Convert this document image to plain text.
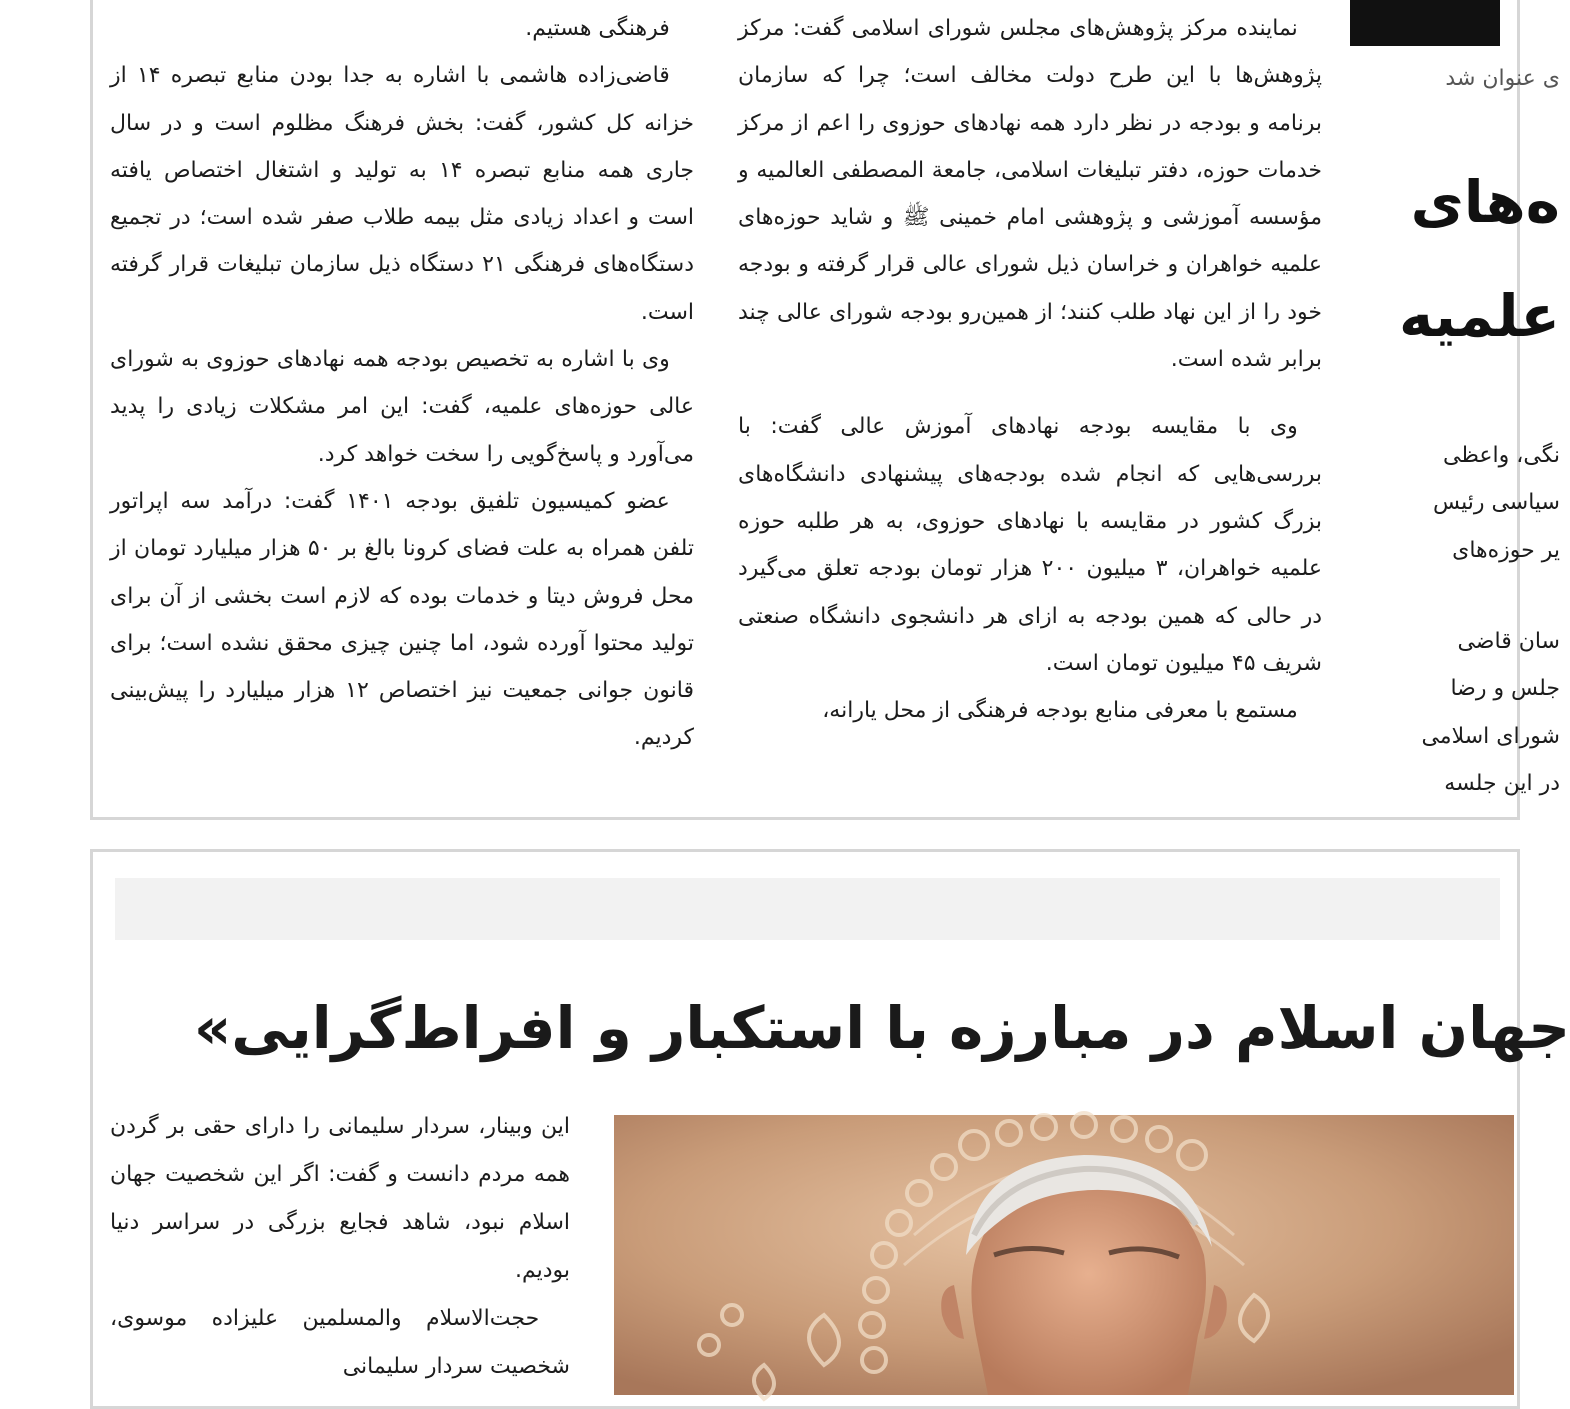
نماینده مرکز پژوهش‌های مجلس شورای اسلامی گفت: مرکز پژوهش‌ها با این طرح دولت مخالف است؛ چرا که سازمان برنامه و بودجه در نظر دارد همه نهادهای حوزوی را اعم از مرکز خدمات حوزه، دفتر تبلیغات اسلامی، جامعة المصطفی العالمیه و مؤسسه آموزشی و پژوهشی امام خمینی ﷺ و شاید حوزه‌های علمیه خواهران و خراسان ذیل شورای عالی قرار گرفته و بودجه خود را از این نهاد طلب کنند؛ از همین‌رو بودجه شورای عالی چند برابر شده است.

وی با مقایسه بودجه نهادهای آموزش عالی گفت: با بررسی‌هایی که انجام شده بودجه‌های پیشنهادی دانشگاه‌های بزرگ کشور در مقایسه با نهادهای حوزوی، به هر طلبه حوزه علمیه خواهران، ۳ میلیون ۲۰۰ هزار تومان بودجه تعلق می‌گیرد در حالی که همین بودجه به ازای هر دانشجوی دانشگاه صنعتی شریف ۴۵ میلیون تومان است.

مستمع با معرفی منابع بودجه فرهنگی از محل یارانه،

فرهنگی هستیم.

قاضی‌زاده هاشمی با اشاره به جدا بودن منابع تبصره ۱۴ از خزانه کل کشور، گفت: بخش فرهنگ مظلوم است و در سال جاری همه منابع تبصره ۱۴ به تولید و اشتغال اختصاص یافته است و اعداد زیادی مثل بیمه طلاب صفر شده است؛ در تجمیع دستگاه‌های فرهنگی ۲۱ دستگاه ذیل سازمان تبلیغات قرار گرفته است.

وی با اشاره به تخصیص بودجه همه نهادهای حوزوی به شورای عالی حوزه‌های علمیه، گفت: این امر مشکلات زیادی را پدید می‌آورد و پاسخ‌گویی را سخت خواهد کرد.

عضو کمیسیون تلفیق بودجه ۱۴۰۱ گفت: درآمد سه اپراتور تلفن همراه به علت فضای کرونا بالغ بر ۵۰ هزار میلیارد تومان از محل فروش دیتا و خدمات بوده که لازم است بخشی از آن برای تولید محتوا آورده شود، اما چنین چیزی محقق نشده است؛ برای قانون جوانی جمعیت نیز اختصاص ۱۲ هزار میلیارد را پیش‌بینی کردیم.

ی عنوان شد
ه‌های
علمیه
نگی، واعظی
سیاسی رئیس
یر حوزه‌های
سان قاضی
جلس و رضا
شورای اسلامی
در این جلسه
جهان اسلام در مبارزه با استکبار و افراط‌گرایی»

این وبینار، سردار سلیمانی را دارای حقی بر گردن همه مردم دانست و گفت: اگر این شخصیت جهان اسلام نبود، شاهد فجایع بزرگی در سراسر دنیا بودیم.

حجت‌الاسلام والمسلمین علیزاده موسوی، شخصیت سردار سلیمانی
